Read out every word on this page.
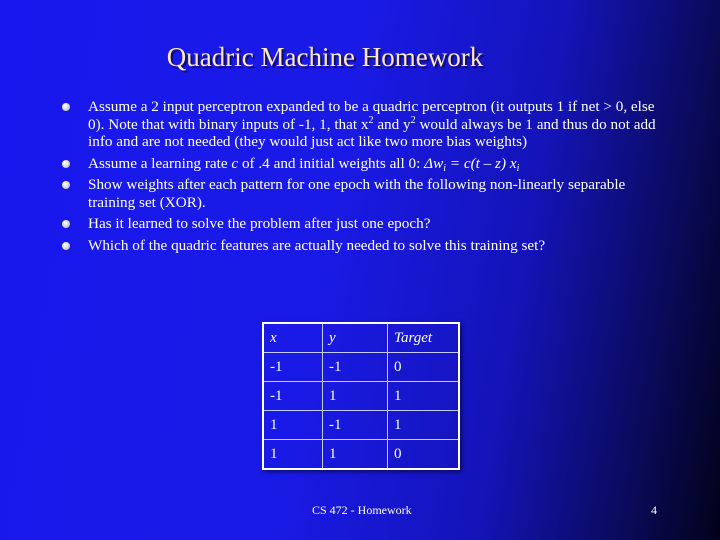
Quadric Machine Homework
Assume a 2 input perceptron expanded to be a quadric perceptron (it outputs 1 if net > 0, else 0). Note that with binary inputs of -1, 1, that $x^2$ and $y^2$ would always be 1 and thus do not add info and are not needed (they would just act like two more bias weights)
Assume a learning rate c of .4 and initial weights all 0: $\Delta w_i = c(t - z)$ $x_i$
Show weights after each pattern for one epoch with the following non-linearly separable training set (XOR).
Has it learned to solve the problem after just one epoch?
Which of the quadric features are actually needed to solve this training set?
x	y	Target
-1	-1	0
-1	1	1
1	-1	1
1	1	0
CS 472 - Homework	4
